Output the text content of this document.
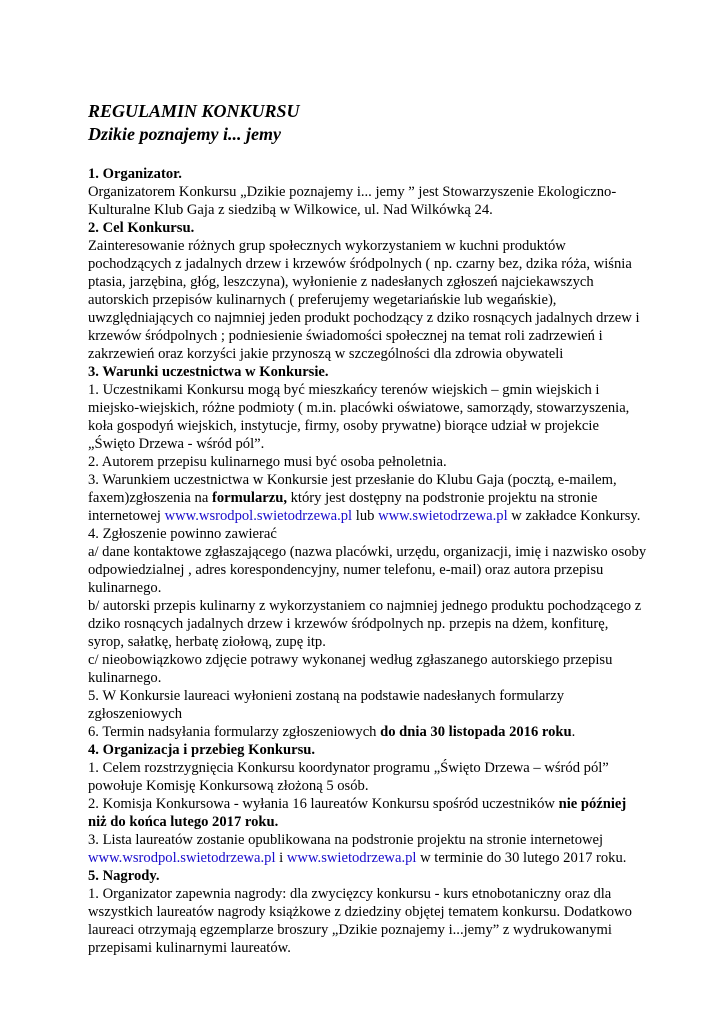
REGULAMIN KONKURSU
Dzikie poznajemy i... jemy
1. Organizator.

Organizatorem Konkursu „Dzikie poznajemy i... jemy ” jest Stowarzyszenie Ekologiczno-Kulturalne Klub Gaja z siedzibą w Wilkowice, ul. Nad Wilkówką 24.

2. Cel Konkursu.

Zainteresowanie różnych grup społecznych wykorzystaniem w kuchni produktów pochodzących z jadalnych drzew i krzewów śródpolnych ( np. czarny bez, dzika róża, wiśnia ptasia, jarzębina, głóg, leszczyna), wyłonienie z nadesłanych zgłoszeń najciekawszych autorskich przepisów kulinarnych ( preferujemy wegetariańskie lub wegańskie), uwzględniających co najmniej jeden produkt pochodzący z dziko rosnących jadalnych drzew i krzewów śródpolnych ; podniesienie świadomości społecznej na temat roli zadrzewień i zakrzewień oraz korzyści jakie przynoszą w szczególności dla zdrowia obywateli

3. Warunki uczestnictwa w Konkursie.

1. Uczestnikami Konkursu mogą być mieszkańcy terenów wiejskich – gmin wiejskich i miejsko-wiejskich, różne podmioty ( m.in. placówki oświatowe, samorządy, stowarzyszenia, koła gospodyń wiejskich, instytucje, firmy, osoby prywatne) biorące udział w projekcie „Święto Drzewa - wśród pól”.

2. Autorem przepisu kulinarnego musi być osoba pełnoletnia.

3. Warunkiem uczestnictwa w Konkursie jest przesłanie do Klubu Gaja (pocztą, e-mailem, faxem)zgłoszenia na formularzu, który jest dostępny na podstronie projektu na stronie internetowej www.wsrodpol.swietodrzewa.pl lub www.swietodrzewa.pl w zakładce Konkursy.

4. Zgłoszenie powinno zawierać

a/ dane kontaktowe zgłaszającego (nazwa placówki, urzędu, organizacji, imię i nazwisko osoby odpowiedzialnej , adres korespondencyjny, numer telefonu, e-mail) oraz autora przepisu kulinarnego.

b/ autorski przepis kulinarny z wykorzystaniem co najmniej jednego produktu pochodzącego z dziko rosnących jadalnych drzew i krzewów śródpolnych np. przepis na dżem, konfiturę, syrop, sałatkę, herbatę ziołową, zupę itp.

c/ nieobowiązkowo zdjęcie potrawy wykonanej według zgłaszanego autorskiego przepisu kulinarnego.

5. W Konkursie laureaci wyłonieni zostaną na podstawie nadesłanych formularzy zgłoszeniowych

6. Termin nadsyłania formularzy zgłoszeniowych do dnia 30 listopada 2016 roku.

4. Organizacja i przebieg Konkursu.

1. Celem rozstrzygnięcia Konkursu koordynator programu „Święto Drzewa – wśród pól” powołuje Komisję Konkursową złożoną 5 osób.

2. Komisja Konkursowa - wyłania 16 laureatów Konkursu spośród uczestników nie później niż do końca lutego 2017 roku.

3. Lista laureatów zostanie opublikowana na podstronie projektu na stronie internetowej www.wsrodpol.swietodrzewa.pl i www.swietodrzewa.pl w terminie do 30 lutego 2017 roku.

5. Nagrody.

1. Organizator zapewnia nagrody: dla zwycięzcy konkursu - kurs etnobotaniczny oraz dla wszystkich laureatów nagrody książkowe z dziedziny objętej tematem konkursu. Dodatkowo laureaci otrzymają egzemplarze broszury „Dzikie poznajemy i...jemy” z wydrukowanymi przepisami kulinarnymi laureatów.
